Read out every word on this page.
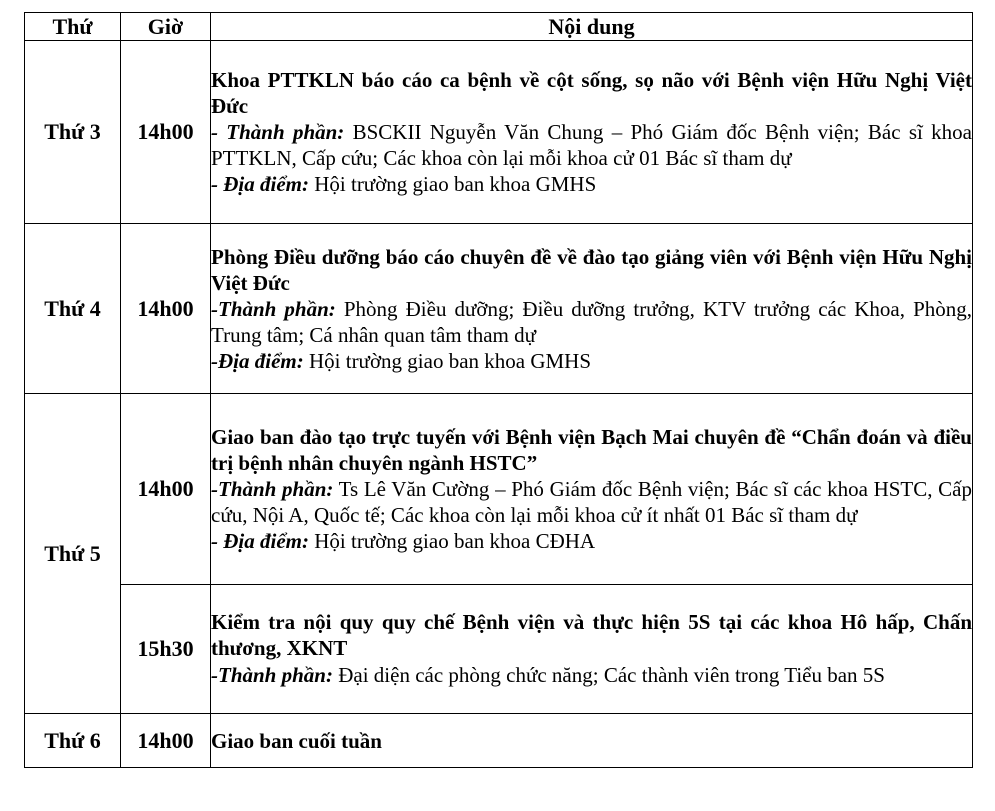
Thứ	Giờ	Nội dung
Thứ 3	14h00	Khoa PTTKLN báo cáo ca bệnh về cột sống, sọ não với Bệnh viện Hữu Nghị Việt Đức
- Thành phần: BSCKII Nguyễn Văn Chung – Phó Giám đốc Bệnh viện; Bác sĩ khoa PTTKLN, Cấp cứu; Các khoa còn lại mỗi khoa cử 01 Bác sĩ tham dự
- Địa điểm: Hội trường giao ban khoa GMHS

Thứ 4	14h00	Phòng Điều dưỡng báo cáo chuyên đề về đào tạo giảng viên với Bệnh viện Hữu Nghị Việt Đức
-Thành phần: Phòng Điều dưỡng; Điều dưỡng trưởng, KTV trưởng các Khoa, Phòng, Trung tâm; Cá nhân quan tâm tham dự
-Địa điểm: Hội trường giao ban khoa GMHS

Thứ 5	14h00	Giao ban đào tạo trực tuyến với Bệnh viện Bạch Mai chuyên đề “Chẩn đoán và điều trị bệnh nhân chuyên ngành HSTC”
-Thành phần: Ts Lê Văn Cường – Phó Giám đốc Bệnh viện; Bác sĩ các khoa HSTC, Cấp cứu, Nội A, Quốc tế; Các khoa còn lại mỗi khoa cử ít nhất 01 Bác sĩ tham dự
- Địa điểm: Hội trường giao ban khoa CĐHA

	15h30	Kiểm tra nội quy quy chế Bệnh viện và thực hiện 5S tại các khoa Hô hấp, Chấn thương, XKNT
-Thành phần: Đại diện các phòng chức năng; Các thành viên trong Tiểu ban 5S

Thứ 6	14h00	Giao ban cuối tuần
